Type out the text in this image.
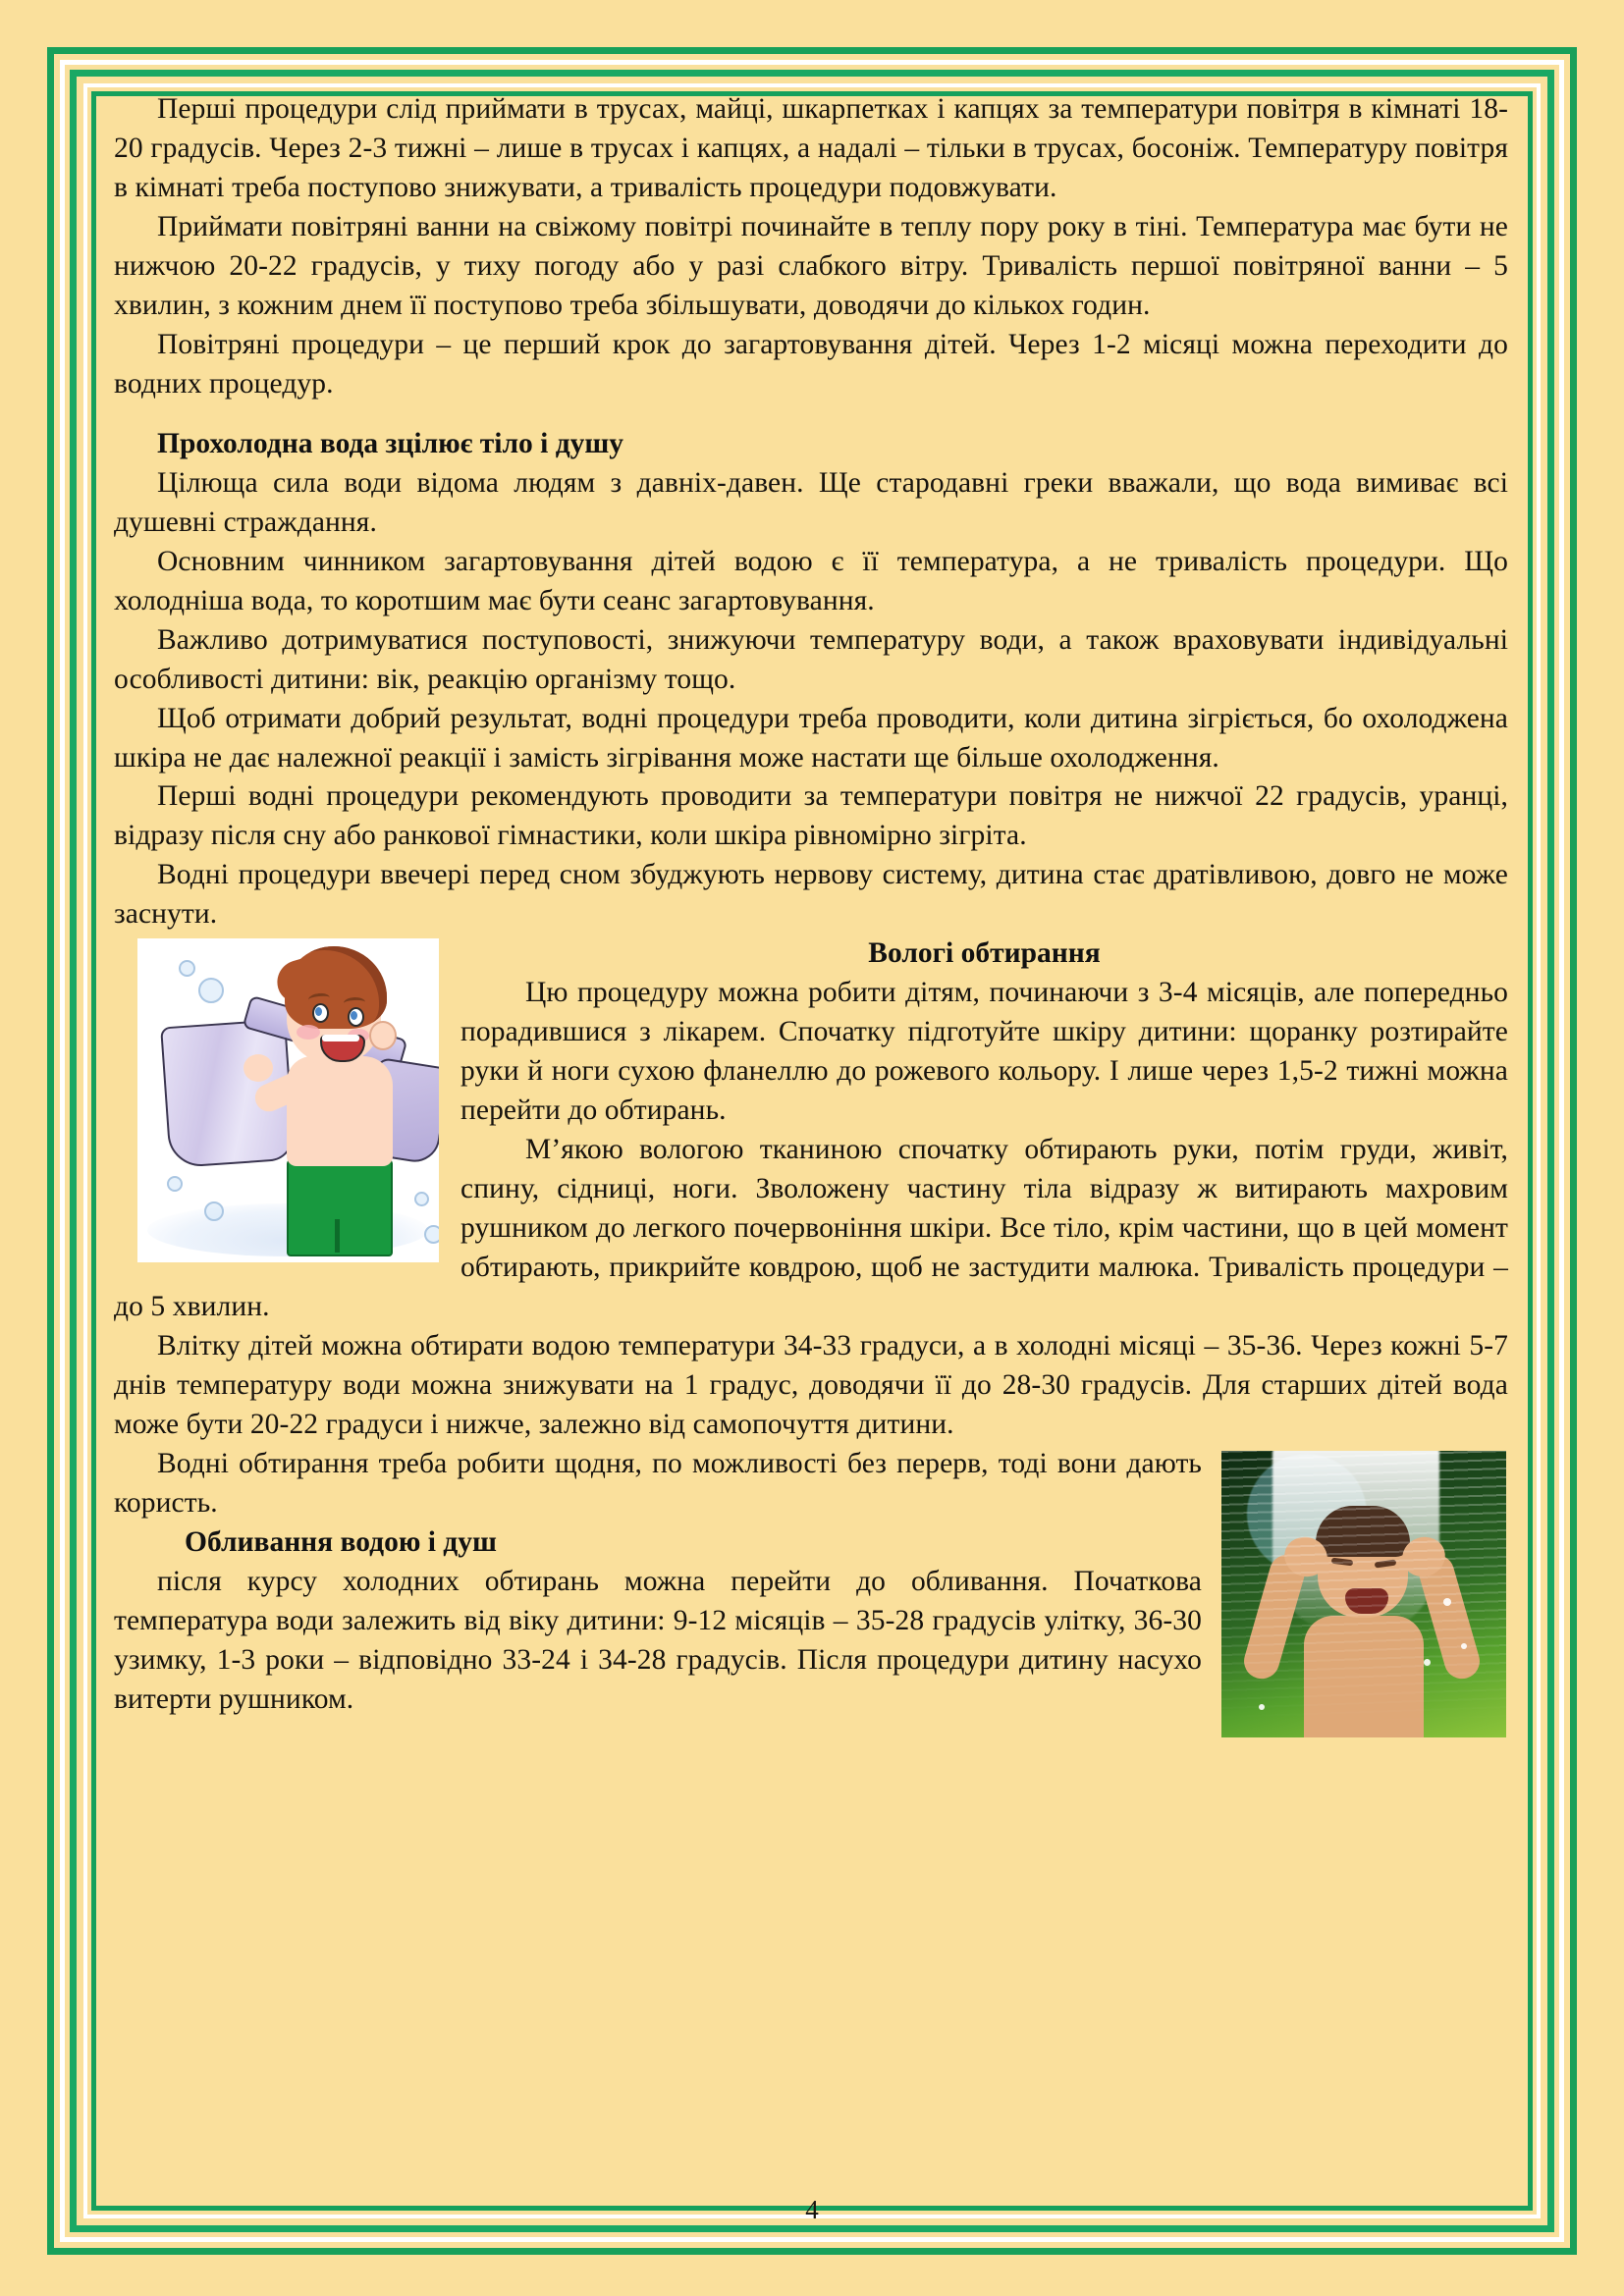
Перші процедури слід приймати в трусах, майці, шкарпетках і капцях за температури повітря в кімнаті 18-20 градусів. Через 2-3 тижні – лише в трусах і капцях, а надалі – тільки в трусах, босоніж. Температуру повітря в кімнаті треба поступово знижувати, а тривалість процедури подовжувати.

Приймати повітряні ванни на свіжому повітрі починайте в теплу пору року в тіні. Температура має бути не нижчою 20-22 градусів, у тиху погоду або у разі слабкого вітру. Тривалість першої повітряної ванни – 5 хвилин, з кожним днем її поступово треба збільшувати, доводячи до кількох годин.

Повітряні процедури – це перший крок до загартовування дітей. Через 1-2 місяці можна переходити до водних процедур.

Прохолодна вода зцілює тіло і душу

Цілюща сила води відома людям з давніх-давен. Ще стародавні греки вважали, що вода вимиває всі душевні страждання.

Основним чинником загартовування дітей водою є її температура, а не тривалість процедури. Що холодніша вода, то коротшим має бути сеанс загартовування.

Важливо дотримуватися поступовості, знижуючи температуру води, а також враховувати індивідуальні особливості дитини: вік, реакцію організму тощо.

Щоб отримати добрий результат, водні процедури треба проводити, коли дитина зігріється, бо охолоджена шкіра не дає належної реакції і замість зігрівання може настати ще більше охолодження.

Перші водні процедури рекомендують проводити за температури повітря не нижчої 22 градусів, уранці, відразу після сну або ранкової гімнастики, коли шкіра рівномірно зігріта.

Водні процедури ввечері перед сном збуджують нервову систему, дитина стає дратівливою, довго не може заснути.

Вологі обтирання

Цю процедуру можна робити дітям, починаючи з 3-4 місяців, але попередньо порадившися з лікарем. Спочатку підготуйте шкіру дитини: щоранку розтирайте руки й ноги сухою фланеллю до рожевого кольору. І лише через 1,5-2 тижні можна перейти до обтирань.

М’якою вологою тканиною спочатку обтирають руки, потім груди, живіт, спину, сідниці, ноги. Зволожену частину тіла відразу ж витирають махровим рушником до легкого почервоніння шкіри. Все тіло, крім частини, що в цей момент обтирають, прикрийте ковдрою, щоб не застудити малюка. Тривалість процедури – до 5 хвилин.

Влітку дітей можна обтирати водою температури 34-33 градуси, а в холодні місяці – 35-36. Через кожні 5-7 днів температуру води можна знижувати на 1 градус, доводячи її до 28-30 градусів. Для старших дітей вода може бути 20-22 градуси і нижче, залежно від самопочуття дитини.

Водні обтирання треба робити щодня, по можливості без перерв, тоді вони дають користь.

Обливання водою і душ

після курсу холодних обтирань можна перейти до обливання. Початкова температура води залежить від віку дитини: 9-12 місяців – 35-28 градусів улітку, 36-30 узимку, 1-3 роки – відповідно 33-24 і 34-28 градусів. Після процедури дитину насухо витерти рушником.

4
